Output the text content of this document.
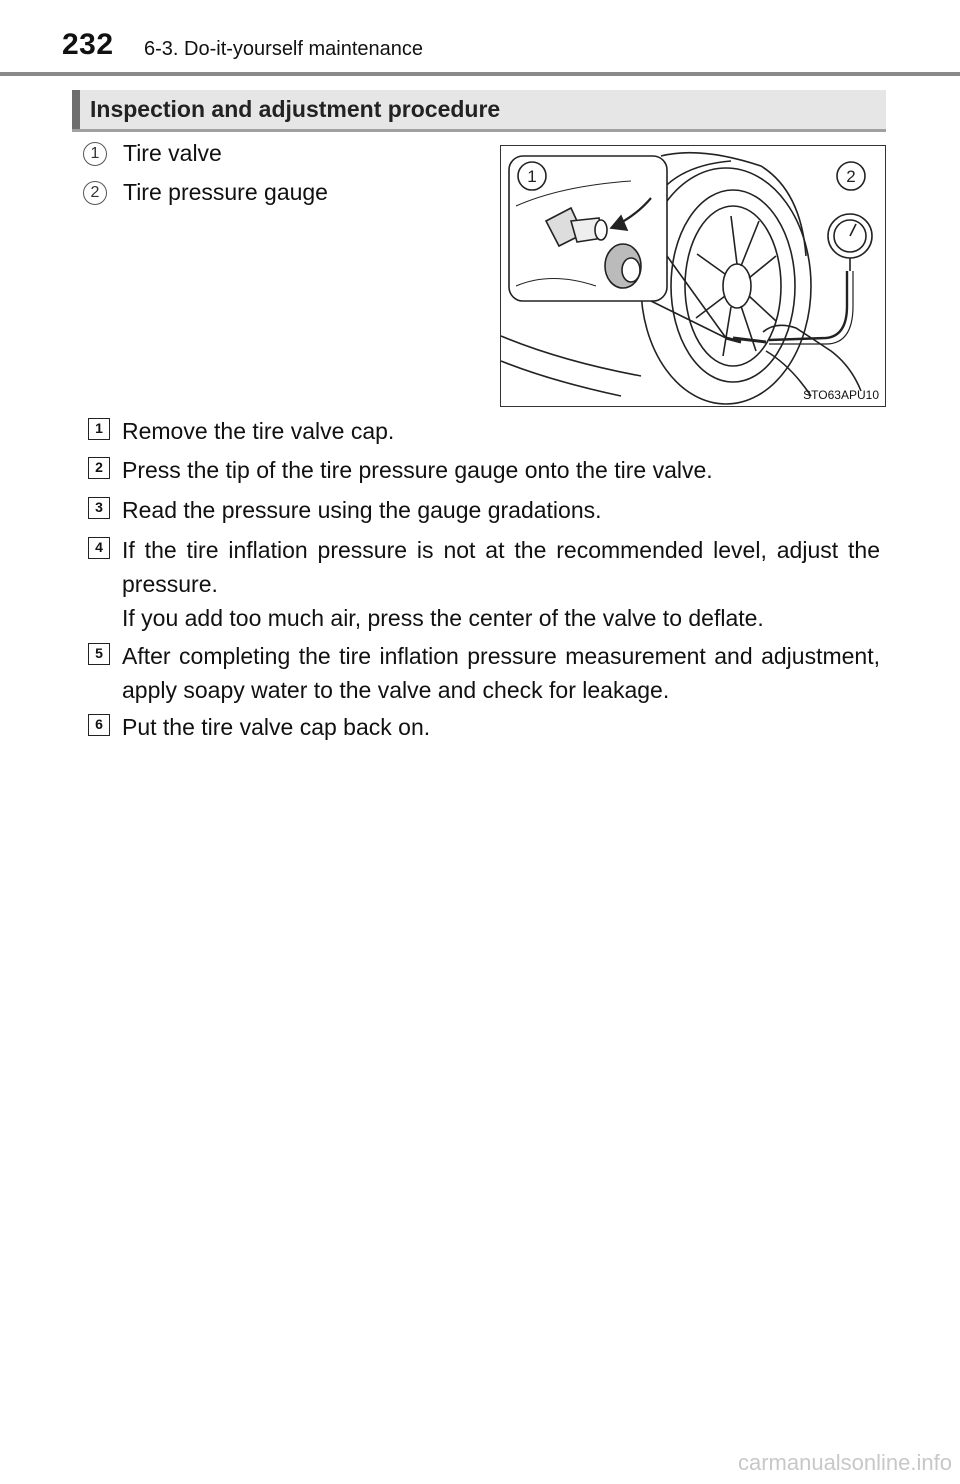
232 6-3. Do-it-yourself maintenance
Inspection and adjustment procedure
1	Tire valve
2	Tire pressure gauge
1	2
STO63APU10
1 Remove the tire valve cap.
2 Press the tip of the tire pressure gauge onto the tire valve.
3 Read the pressure using the gauge gradations.
4 If the tire inflation pressure is not at the recommended level, adjust the pressure.
If you add too much air, press the center of the valve to deflate.
5 After completing the tire inflation pressure measurement and adjustment, apply soapy water to the valve and check for leakage.
6 Put the tire valve cap back on.
carmanualsonline.info
